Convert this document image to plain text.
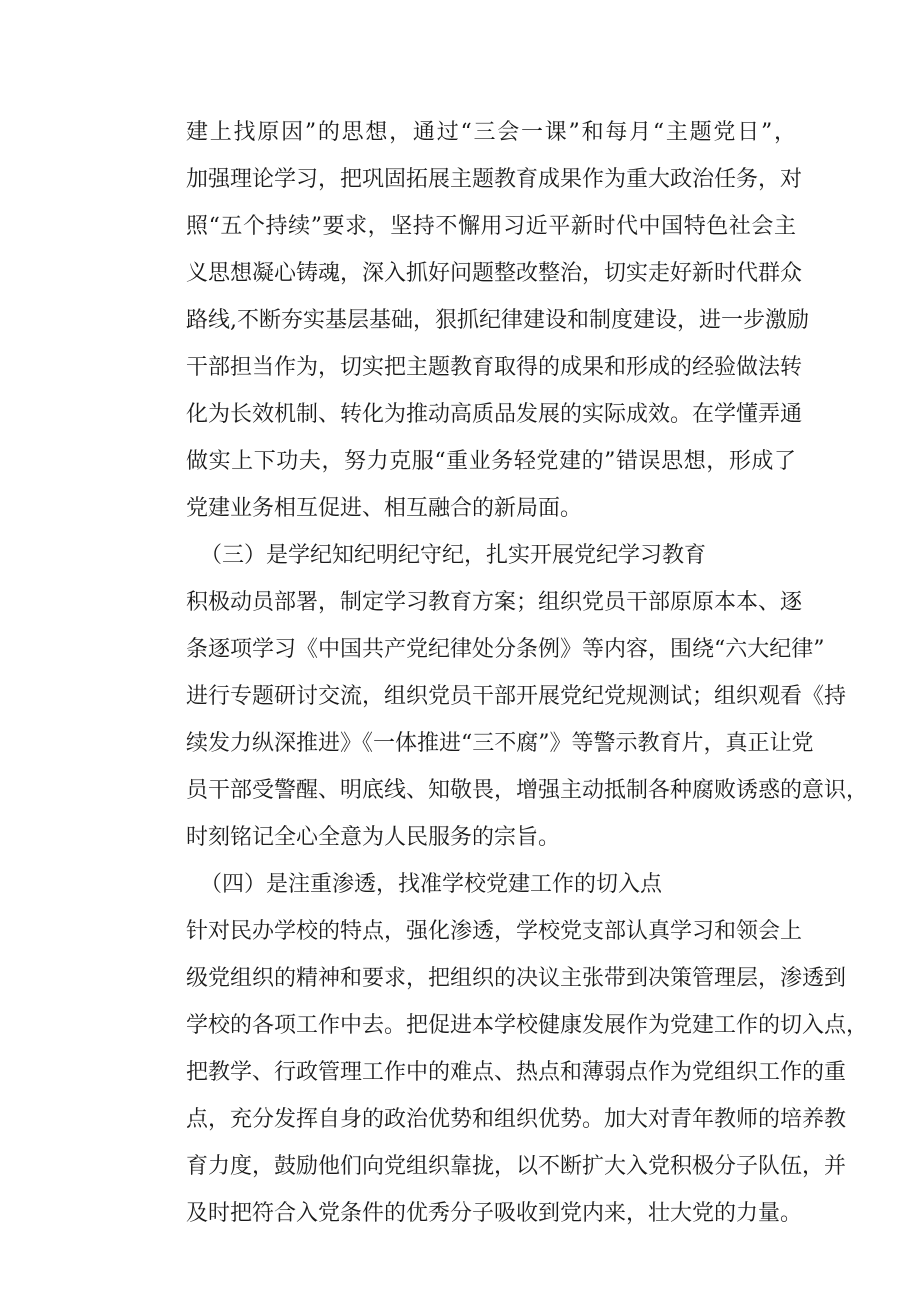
建上找原因”的思想，通过“三会一课”和每月“主题党日”，
加强理论学习，把巩固拓展主题教育成果作为重大政治任务，对
照“五个持续”要求，坚持不懈用习近平新时代中国特色社会主
义思想凝心铸魂，深入抓好问题整改整治，切实走好新时代群众
路线,不断夯实基层基础，狠抓纪律建设和制度建设，进一步激励
干部担当作为，切实把主题教育取得的成果和形成的经验做法转
化为长效机制、转化为推动高质品发展的实际成效。在学懂弄通
做实上下功夫，努力克服“重业务轻党建的”错误思想，形成了
党建业务相互促进、相互融合的新局面。
（三）是学纪知纪明纪守纪，扎实开展党纪学习教育
积极动员部署，制定学习教育方案；组织党员干部原原本本、逐
条逐项学习《中国共产党纪律处分条例》等内容，围绕“六大纪律”
进行专题研讨交流，组织党员干部开展党纪党规测试；组织观看《持
续发力纵深推进》《一体推进“三不腐”》等警示教育片，真正让党
员干部受警醒、明底线、知敬畏，增强主动抵制各种腐败诱惑的意识，
时刻铭记全心全意为人民服务的宗旨。
（四）是注重渗透，找准学校党建工作的切入点
针对民办学校的特点，强化渗透，学校党支部认真学习和领会上
级党组织的精神和要求，把组织的决议主张带到决策管理层，渗透到
学校的各项工作中去。把促进本学校健康发展作为党建工作的切入点，
把教学、行政管理工作中的难点、热点和薄弱点作为党组织工作的重
点，充分发挥自身的政治优势和组织优势。加大对青年教师的培养教
育力度，鼓励他们向党组织靠拢，以不断扩大入党积极分子队伍，并
及时把符合入党条件的优秀分子吸收到党内来，壮大党的力量。
